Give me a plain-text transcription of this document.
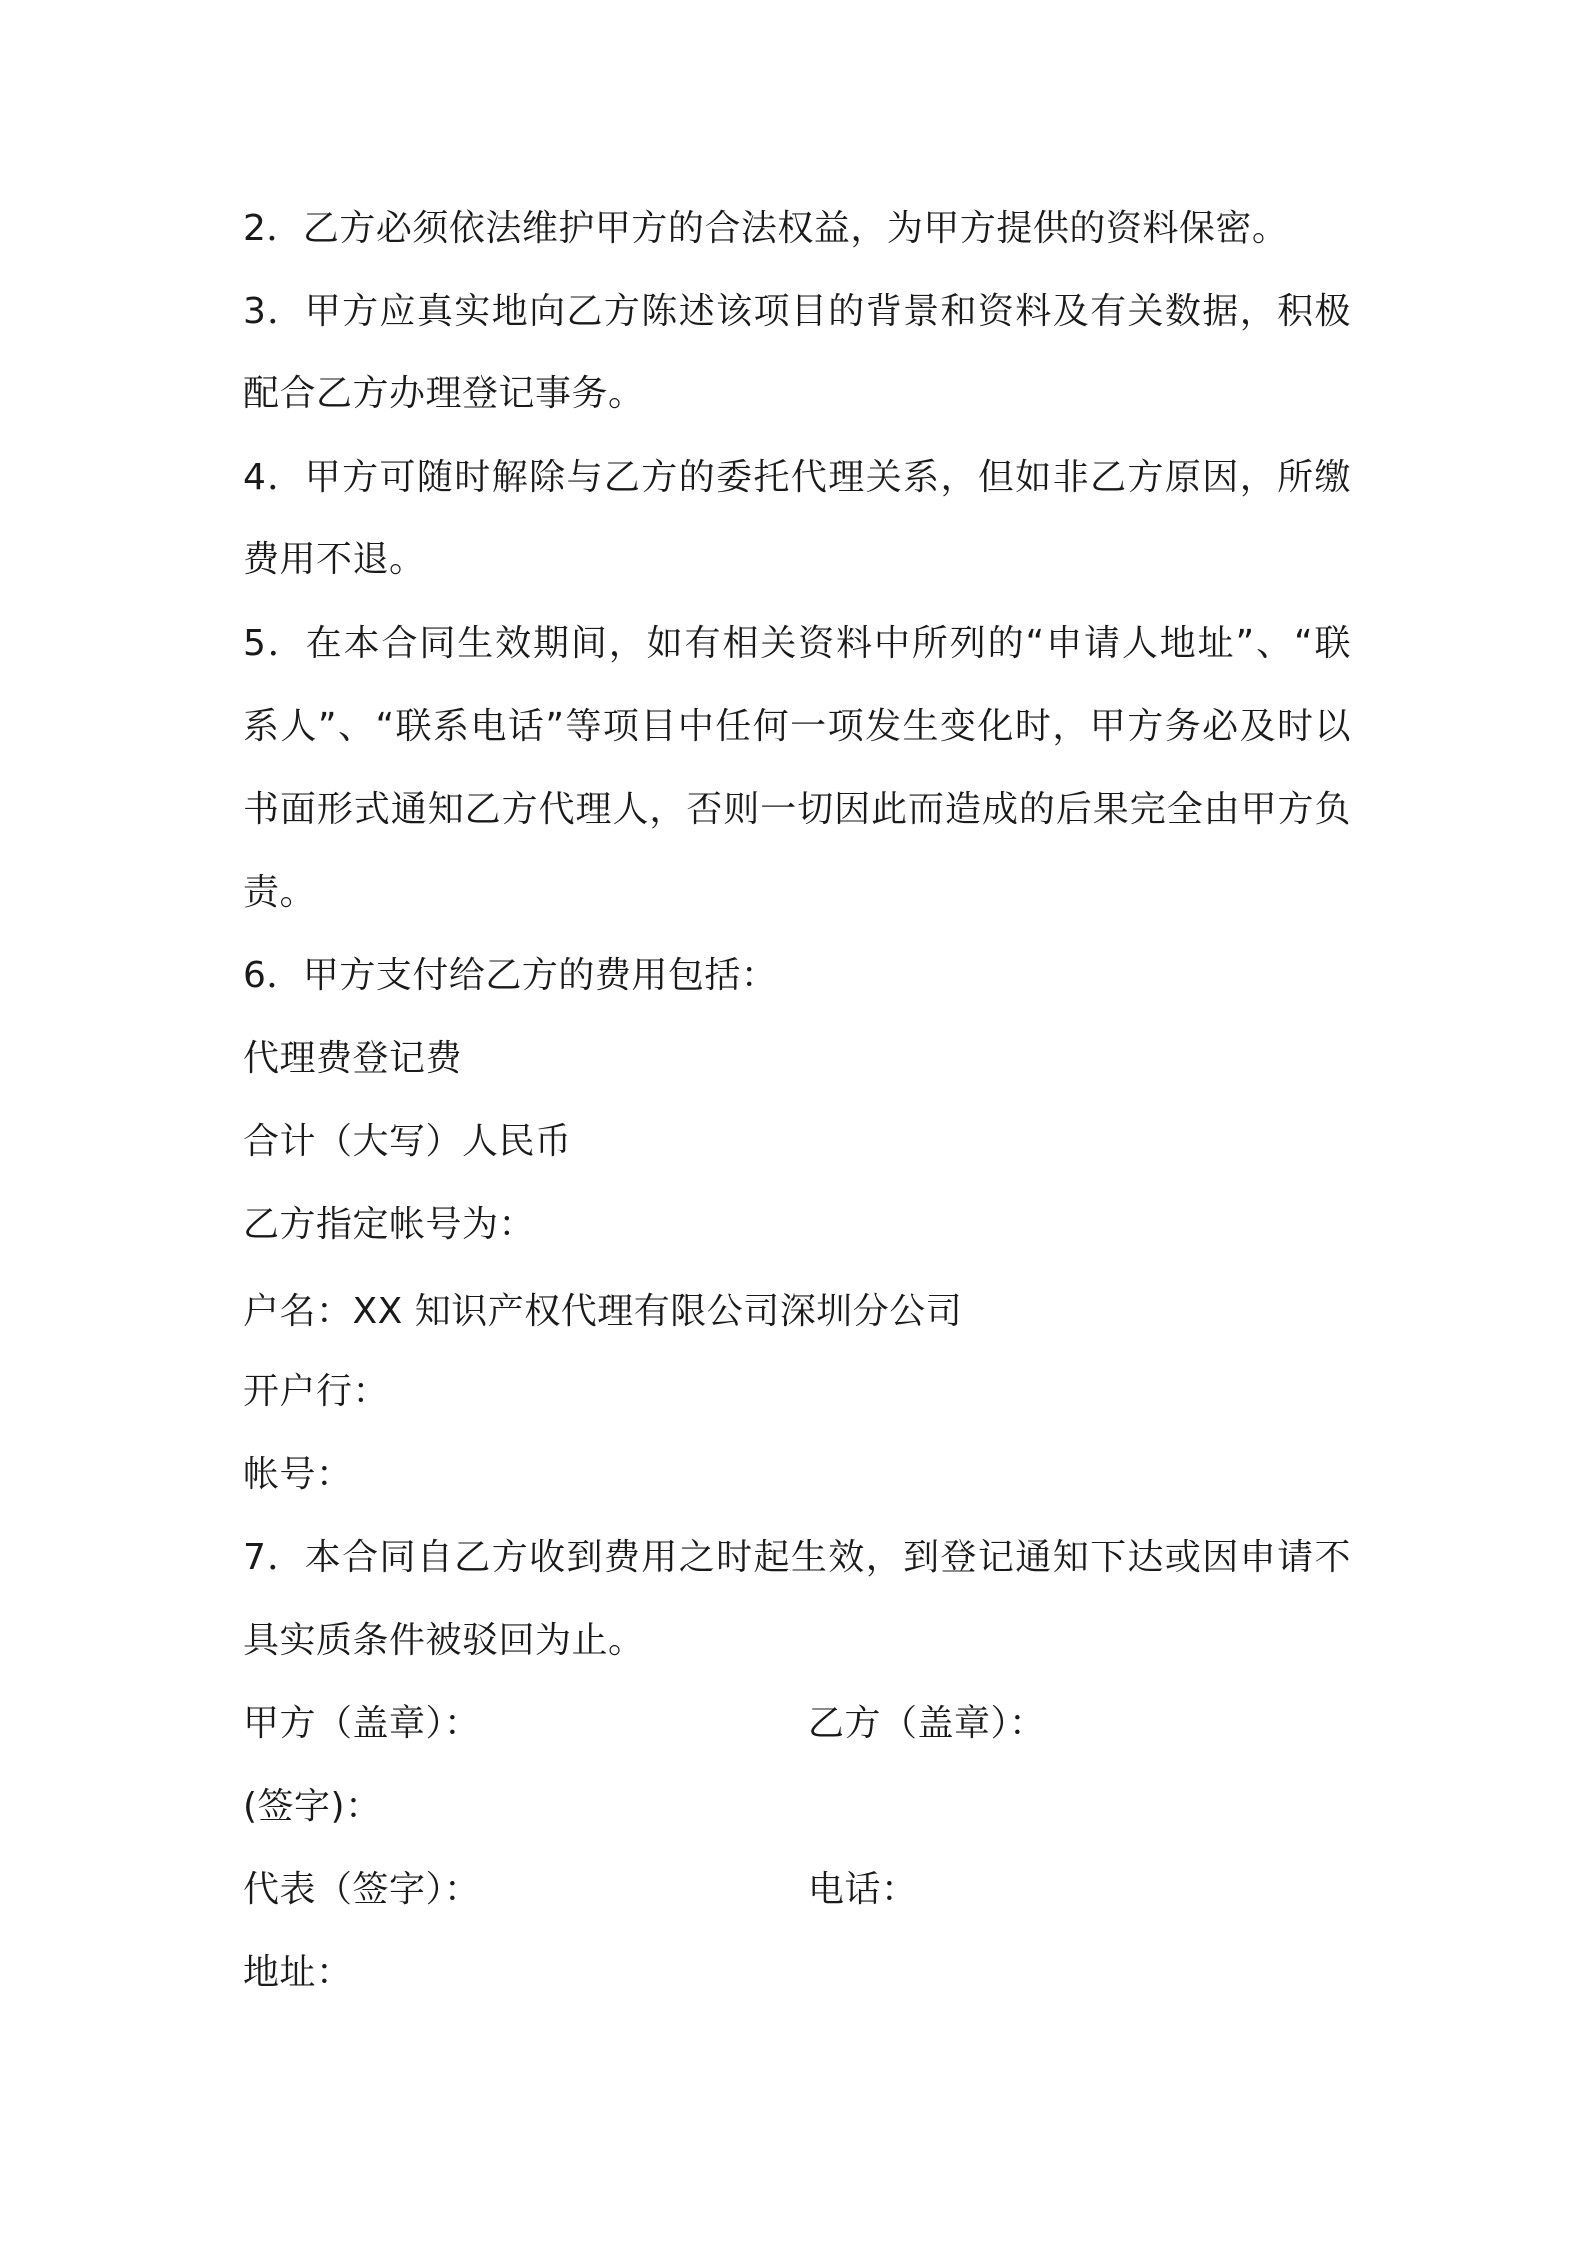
2．乙方必须依法维护甲方的合法权益，为甲方提供的资料保密。

3．甲方应真实地向乙方陈述该项目的背景和资料及有关数据，积极

配合乙方办理登记事务。

4．甲方可随时解除与乙方的委托代理关系，但如非乙方原因，所缴

费用不退。

5．在本合同生效期间，如有相关资料中所列的“申请人地址”、“联

系人”、“联系电话”等项目中任何一项发生变化时，甲方务必及时以

书面形式通知乙方代理人，否则一切因此而造成的后果完全由甲方负

责。

6．甲方支付给乙方的费用包括：

代理费登记费

合计（大写）人民币

乙方指定帐号为：

户名：XX 知识产权代理有限公司深圳分公司

开户行：

帐号：

7．本合同自乙方收到费用之时起生效，到登记通知下达或因申请不

具实质条件被驳回为止。

甲方（盖章）：	乙方（盖章）：

(签字)：

代表（签字）：	电话：

地址：
